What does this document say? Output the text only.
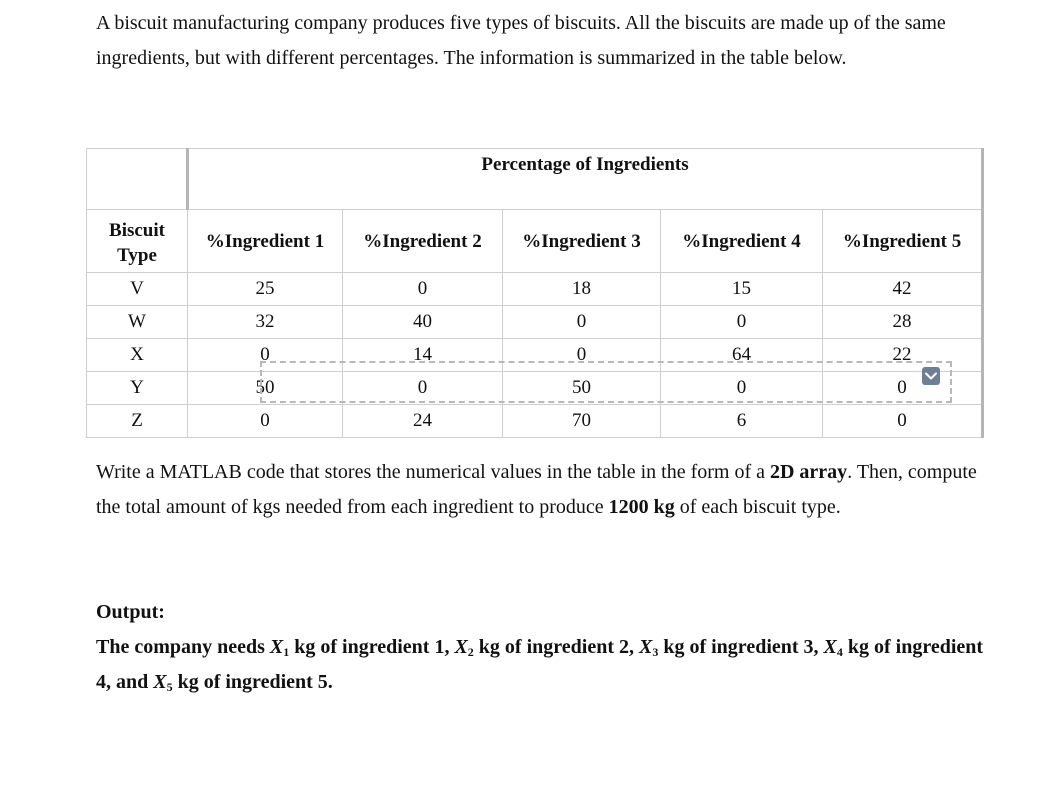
A biscuit manufacturing company produces five types of biscuits. All the biscuits are made up of the same ingredients, but with different percentages. The information is summarized in the table below.

	Percentage of Ingredients				
Biscuit Type	%Ingredient 1	%Ingredient 2	%Ingredient 3	%Ingredient 4	%Ingredient 5
V	25	0	18	15	42
W	32	40	0	0	28
X	0	14	0	64	22
Y	50	0	50	0	0
Z	0	24	70	6	0

Write a MATLAB code that stores the numerical values in the table in the form of a 2D array. Then, compute the total amount of kgs needed from each ingredient to produce 1200 kg of each biscuit type.

Output:
The company needs $X_1$ kg of ingredient 1, $X_2$ kg of ingredient 2, $X_3$ kg of ingredient 3, $X_4$ kg of ingredient 4, and $X_5$ kg of ingredient 5.
